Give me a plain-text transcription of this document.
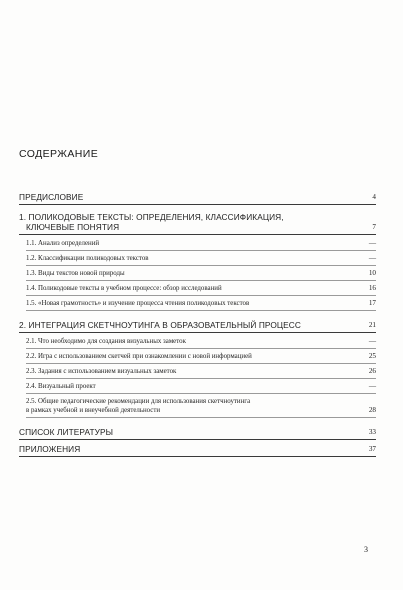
СОДЕРЖАНИЕ
ПРЕДИСЛОВИЕ	4
1. ПОЛИКОДОВЫЕ ТЕКСТЫ: ОПРЕДЕЛЕНИЯ, КЛАССИФИКАЦИЯ,
КЛЮЧЕВЫЕ ПОНЯТИЯ	7
1.1. Анализ определений	—
1.2. Классификации поликодовых текстов	—
1.3. Виды текстов новой природы	10
1.4. Поликодовые тексты в учебном процессе: обзор исследований	16
1.5. «Новая грамотность» и изучение процесса чтения поликодовых текстов	17
2. ИНТЕГРАЦИЯ СКЕТЧНОУТИНГА В ОБРАЗОВАТЕЛЬНЫЙ ПРОЦЕСС	21
2.1. Что необходимо для создания визуальных заметок	—
2.2. Игра с использованием скетчей при ознакомлении с новой информацией	25
2.3. Задания с использованием визуальных заметок	26
2.4. Визуальный проект	—
2.5. Общие педагогические рекомендации для использования скетчноутинга
в рамках учебной и внеучебной деятельности	28
СПИСОК ЛИТЕРАТУРЫ	33
ПРИЛОЖЕНИЯ	37
3
